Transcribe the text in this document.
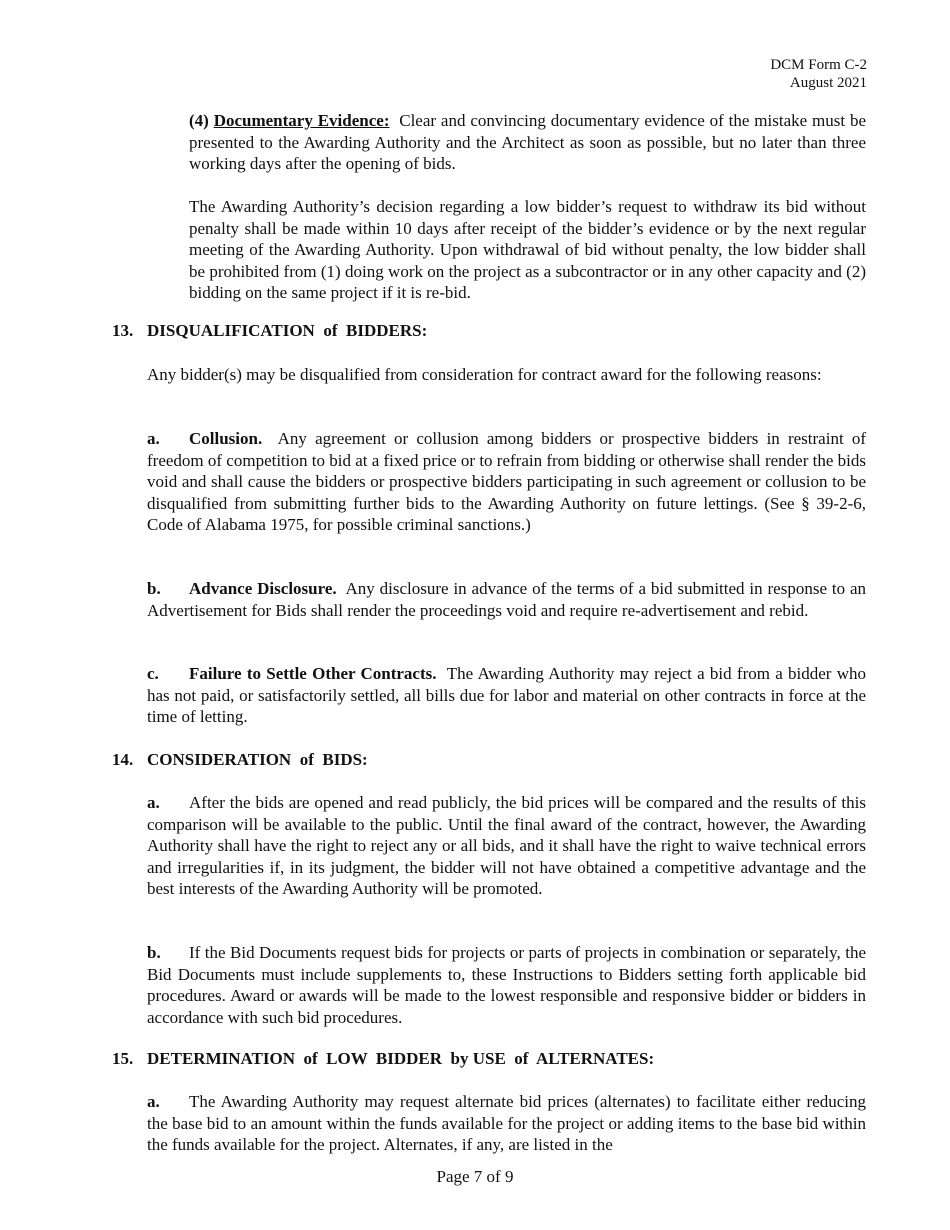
DCM Form C-2
August 2021
(4) Documentary Evidence: Clear and convincing documentary evidence of the mistake must be presented to the Awarding Authority and the Architect as soon as possible, but no later than three working days after the opening of bids.
The Awarding Authority’s decision regarding a low bidder’s request to withdraw its bid without penalty shall be made within 10 days after receipt of the bidder’s evidence or by the next regular meeting of the Awarding Authority. Upon withdrawal of bid without penalty, the low bidder shall be prohibited from (1) doing work on the project as a subcontractor or in any other capacity and (2) bidding on the same project if it is re-bid.
13. DISQUALIFICATION  of  BIDDERS:
Any bidder(s) may be disqualified from consideration for contract award for the following reasons:
a. Collusion. Any agreement or collusion among bidders or prospective bidders in restraint of freedom of competition to bid at a fixed price or to refrain from bidding or otherwise shall render the bids void and shall cause the bidders or prospective bidders participating in such agreement or collusion to be disqualified from submitting further bids to the Awarding Authority on future lettings. (See § 39-2-6, Code of Alabama 1975, for possible criminal sanctions.)
b. Advance Disclosure. Any disclosure in advance of the terms of a bid submitted in response to an Advertisement for Bids shall render the proceedings void and require re-advertisement and rebid.
c. Failure to Settle Other Contracts. The Awarding Authority may reject a bid from a bidder who has not paid, or satisfactorily settled, all bills due for labor and material on other contracts in force at the time of letting.
14. CONSIDERATION  of  BIDS:
a. After the bids are opened and read publicly, the bid prices will be compared and the results of this comparison will be available to the public. Until the final award of the contract, however, the Awarding Authority shall have the right to reject any or all bids, and it shall have the right to waive technical errors and irregularities if, in its judgment, the bidder will not have obtained a competitive advantage and the best interests of the Awarding Authority will be promoted.
b. If the Bid Documents request bids for projects or parts of projects in combination or separately, the Bid Documents must include supplements to, these Instructions to Bidders setting forth applicable bid procedures. Award or awards will be made to the lowest responsible and responsive bidder or bidders in accordance with such bid procedures.
15. DETERMINATION  of  LOW  BIDDER  by USE  of  ALTERNATES:
a. The Awarding Authority may request alternate bid prices (alternates) to facilitate either reducing the base bid to an amount within the funds available for the project or adding items to the base bid within the funds available for the project. Alternates, if any, are listed in the
Page 7 of 9
